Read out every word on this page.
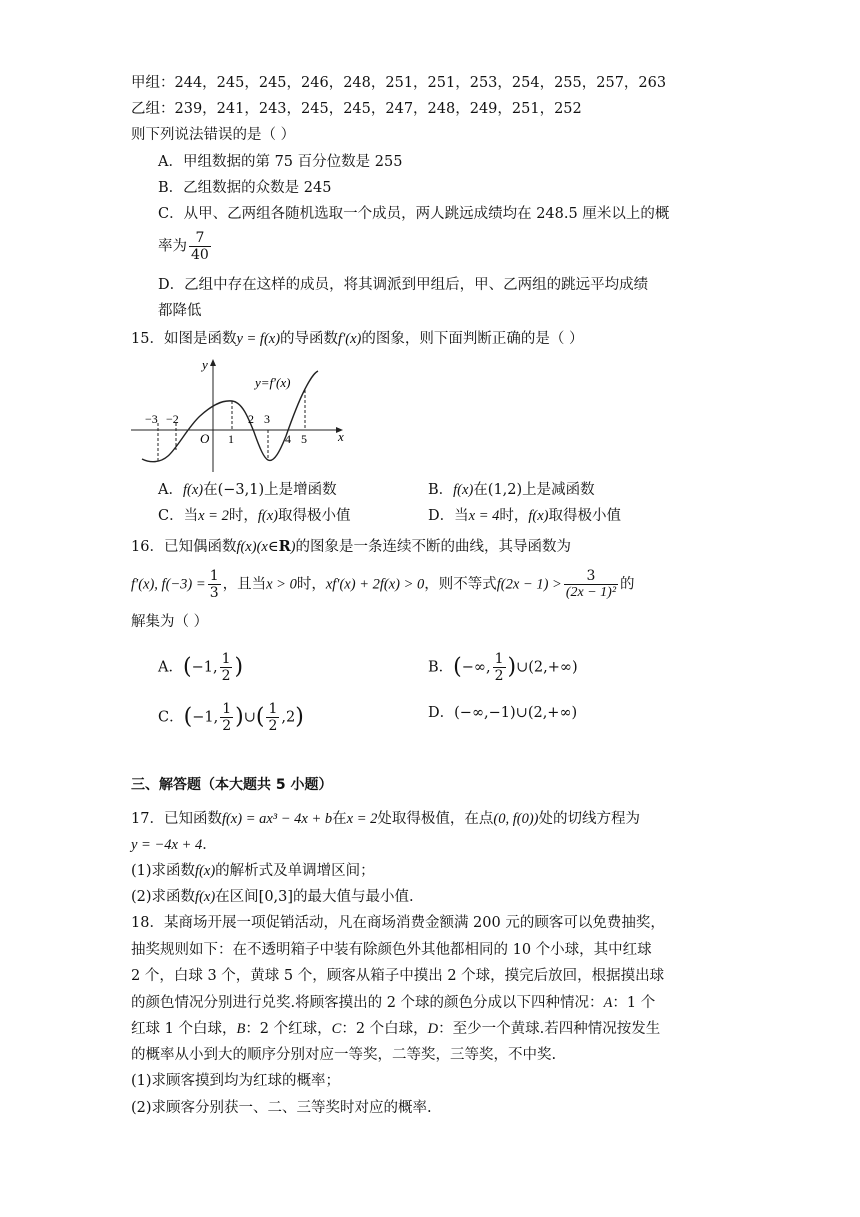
甲组：244，245，245，246，248，251，251，253，254，255，257，263
乙组：239，241，243，245，245，247，248，249，251，252
则下列说法错误的是（ ）
A．甲组数据的第 75 百分位数是 255
B．乙组数据的众数是 245
C．从甲、乙两组各随机选取一个成员，两人跳远成绩均在 248.5 厘米以上的概
率为 $\frac{7}{40}$
D．乙组中存在这样的成员，将其调派到甲组后，甲、乙两组的跳远平均成绩
都降低
15．如图是函数y = f(x)的导函数f′(x)的图象，则下面判断正确的是（ ）
y
x
O
−3 −2
1
2 3
4 5
y=f′(x)
A．f(x)在(−3,1)上是增函数	B．f(x)在(1,2)上是减函数
C．当x = 2时，f(x)取得极小值	D．当x = 4时，f(x)取得极小值
16．已知偶函数f(x)(x∈R)的图象是一条连续不断的曲线，其导函数为
f′(x), $f(-3) = \frac{1}{3}$ ，且当x > 0时，xf′(x) + 2f(x) > 0，则不等式$f(2x - 1) > \frac{3}{\text{(2x − 1)²}}$ 的
解集为（ ）
A．(−1, $\frac{1}{2}$ )	B．(−∞, $\frac{1}{2}$ )∪(2,+∞)
C．(−1, $\frac{1}{2}$ )∪( $\frac{1}{2} ,2$)	D．(−∞,−1)∪(2,+∞)
三、解答题（本大题共 5 小题）
17．已知函数f(x) = ax³ − 4x + b在x = 2处取得极值，在点(0, f(0))处的切线方程为
y = −4x + 4．
(1)求函数f(x)的解析式及单调增区间；
(2)求函数f(x)在区间[0,3]的最大值与最小值.
18．某商场开展一项促销活动，凡在商场消费金额满 200 元的顾客可以免费抽奖，
抽奖规则如下：在不透明箱子中装有除颜色外其他都相同的 10 个小球，其中红球
2 个，白球 3 个，黄球 5 个，顾客从箱子中摸出 2 个球，摸完后放回，根据摸出球
的颜色情况分别进行兑奖.将顾客摸出的 2 个球的颜色分成以下四种情况：A：1 个
红球 1 个白球，B：2 个红球，C：2 个白球，D：至少一个黄球.若四种情况按发生
的概率从小到大的顺序分别对应一等奖，二等奖，三等奖，不中奖.
(1)求顾客摸到均为红球的概率；
(2)求顾客分别获一、二、三等奖时对应的概率.
